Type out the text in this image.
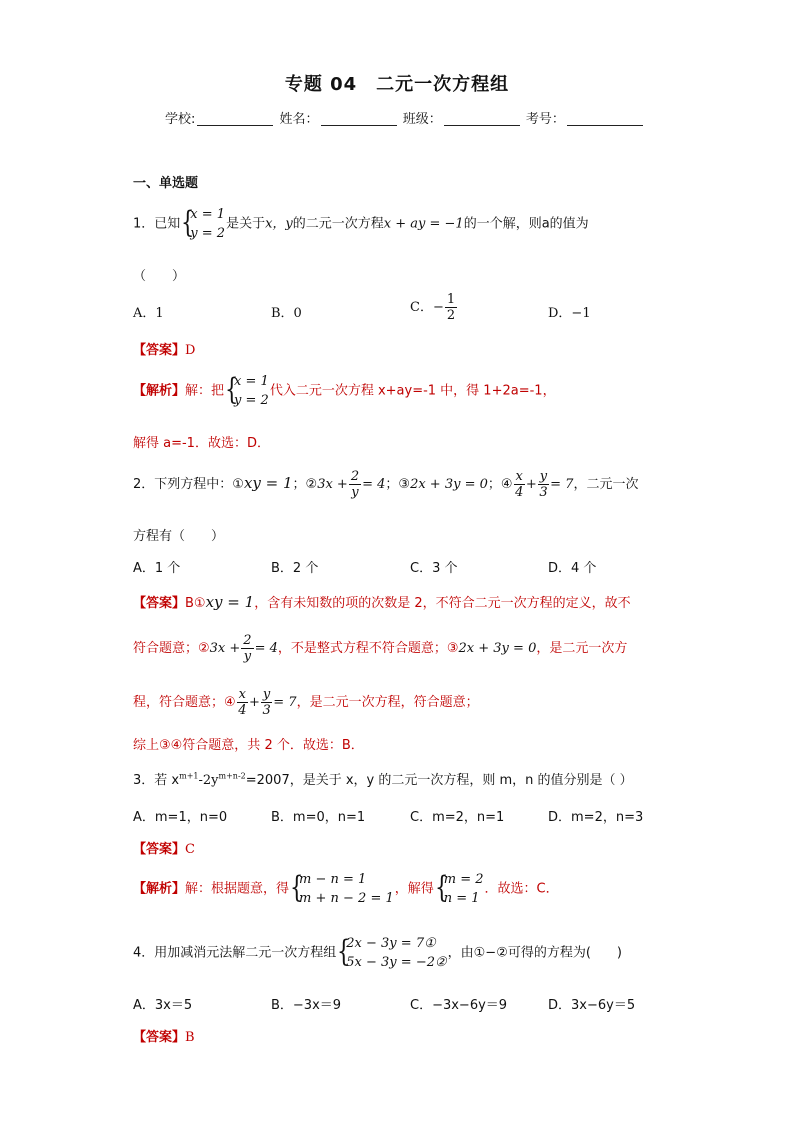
专题 04　二元一次方程组
学校:	姓名：	班级：	考号：
一、单选题
1．已知 {
x = 1
y = 2
是关于x，y的二元一次方程x + ay = −1的一个解，则a的值为
（　　）
A．1	B．0	C．− $\frac{1}{2}$	D．−1
【答案】D
【解析】解：把 {
x = 1
y = 2
代入二元一次方程 x+ay=-1 中，得 1+2a=-1，
解得 a=-1．故选：D．
2．下列方程中：①xy = 1；②3x + $\frac{2}{y} = 4$；③2x + 3y = 0；④ $\frac{x}{4} + \frac{y}{3} = 7$，二元一次
方程有（　　）
A．1 个	B．2 个	C．3 个	D．4 个
【答案】B①xy = 1，含有未知数的项的次数是 2，不符合二元一次方程的定义，故不
符合题意；②3x + $\frac{2}{y} = 4$，不是整式方程不符合题意；③2x + 3y = 0，是二元一次方
程，符合题意；④ $\frac{x}{4} + \frac{y}{3} = 7$，是二元一次方程，符合题意；
综上③④符合题意，共 2 个．故选：B．
3．若 $x^{m+1}-2y^{m+n-2}=2007$，是关于 x，y 的二元一次方程，则 m，n 的值分别是（ ）
A．m=1，n=0	B．m=0，n=1	C．m=2，n=1	D．m=2，n=3
【答案】C
【解析】解：根据题意，得 {
m − n = 1
m + n − 2 = 1
，解得 {
m = 2
n = 1
．故选：C．
4．用加减消元法解二元一次方程组 {
2x − 3y = 7①
5x − 3y = −2②
，由①−②可得的方程为(　　)
A．3x＝5	B．−3x＝9	C．−3x−6y＝9	D．3x−6y＝5
【答案】B
